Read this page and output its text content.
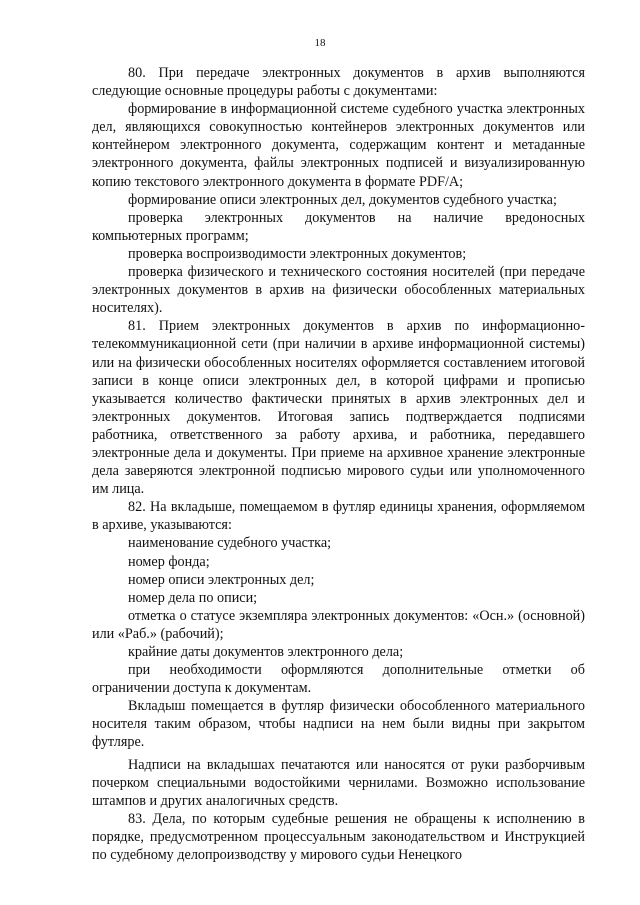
18

80. При передаче электронных документов в архив выполняются следующие основные процедуры работы с документами:

формирование в информационной системе судебного участка электронных дел, являющихся совокупностью контейнеров электронных документов или контейнером электронного документа, содержащим контент и метаданные электронного документа, файлы электронных подписей и визуализированную копию текстового электронного документа в формате PDF/A;

формирование описи электронных дел, документов судебного участка;

проверка электронных документов на наличие вредоносных компьютерных программ;

проверка воспроизводимости электронных документов;

проверка физического и технического состояния носителей (при передаче электронных документов в архив на физически обособленных материальных носителях).

81. Прием электронных документов в архив по информационно-телекоммуникационной сети (при наличии в архиве информационной системы) или на физически обособленных носителях оформляется составлением итоговой записи в конце описи электронных дел, в которой цифрами и прописью указывается количество фактически принятых в архив электронных дел и электронных документов. Итоговая запись подтверждается подписями работника, ответственного за работу архива, и работника, передавшего электронные дела и документы. При приеме на архивное хранение электронные дела заверяются электронной подписью мирового судьи или уполномоченного им лица.

82. На вкладыше, помещаемом в футляр единицы хранения, оформляемом в архиве, указываются:

наименование судебного участка;

номер фонда;

номер описи электронных дел;

номер дела по описи;

отметка о статусе экземпляра электронных документов: «Осн.» (основной) или «Раб.» (рабочий);

крайние даты документов электронного дела;

при необходимости оформляются дополнительные отметки об ограничении доступа к документам.

Вкладыш помещается в футляр физически обособленного материального носителя таким образом, чтобы надписи на нем были видны при закрытом футляре.

Надписи на вкладышах печатаются или наносятся от руки разборчивым почерком специальными водостойкими чернилами. Возможно использование штампов и других аналогичных средств.

83. Дела, по которым судебные решения не обращены к исполнению в порядке, предусмотренном процессуальным законодательством и Инструкцией по судебному делопроизводству у мирового судьи Ненецкого
